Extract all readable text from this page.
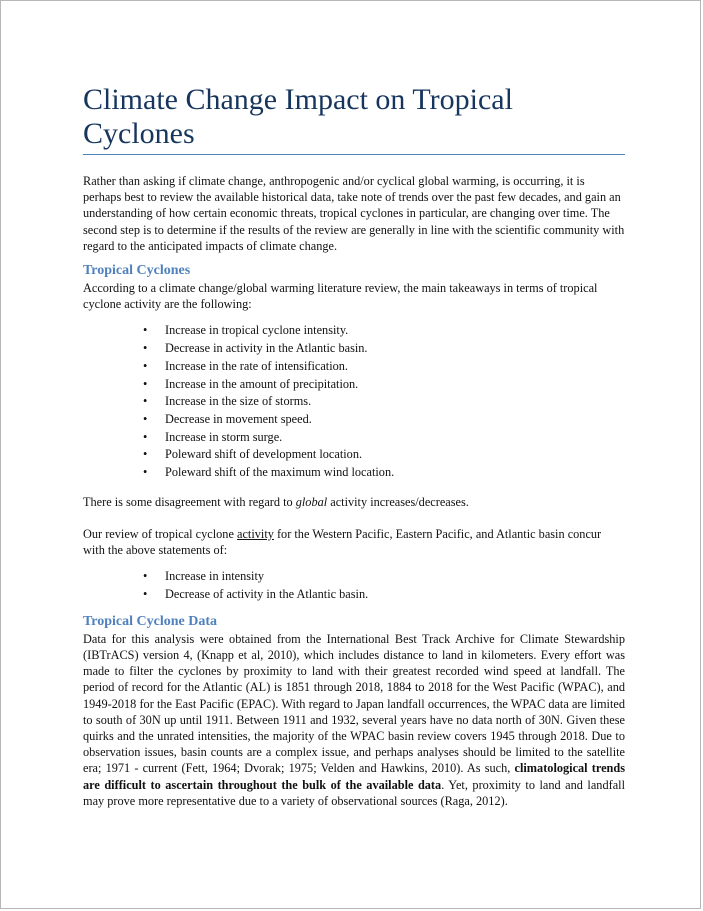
Climate Change Impact on Tropical Cyclones

Rather than asking if climate change, anthropogenic and/or cyclical global warming, is occurring, it is perhaps best to review the available historical data, take note of trends over the past few decades, and gain an understanding of how certain economic threats, tropical cyclones in particular, are changing over time. The second step is to determine if the results of the review are generally in line with the scientific community with regard to the anticipated impacts of climate change.

Tropical Cyclones

According to a climate change/global warming literature review, the main takeaways in terms of tropical cyclone activity are the following:

• Increase in tropical cyclone intensity.
• Decrease in activity in the Atlantic basin.
• Increase in the rate of intensification.
• Increase in the amount of precipitation.
• Increase in the size of storms.
• Decrease in movement speed.
• Increase in storm surge.
• Poleward shift of development location.
• Poleward shift of the maximum wind location.

There is some disagreement with regard to global activity increases/decreases.

Our review of tropical cyclone activity for the Western Pacific, Eastern Pacific, and Atlantic basin concur with the above statements of:

• Increase in intensity
• Decrease of activity in the Atlantic basin.
Tropical Cyclone Data

Data for this analysis were obtained from the International Best Track Archive for Climate Stewardship (IBTrACS) version 4, (Knapp et al, 2010), which includes distance to land in kilometers. Every effort was made to filter the cyclones by proximity to land with their greatest recorded wind speed at landfall. The period of record for the Atlantic (AL) is 1851 through 2018, 1884 to 2018 for the West Pacific (WPAC), and 1949-2018 for the East Pacific (EPAC). With regard to Japan landfall occurrences, the WPAC data are limited to south of 30N up until 1911. Between 1911 and 1932, several years have no data north of 30N. Given these quirks and the unrated intensities, the majority of the WPAC basin review covers 1945 through 2018. Due to observation issues, basin counts are a complex issue, and perhaps analyses should be limited to the satellite era; 1971 - current (Fett, 1964; Dvorak; 1975; Velden and Hawkins, 2010). As such, climatological trends are difficult to ascertain throughout the bulk of the available data. Yet, proximity to land and landfall may prove more representative due to a variety of observational sources (Raga, 2012).
